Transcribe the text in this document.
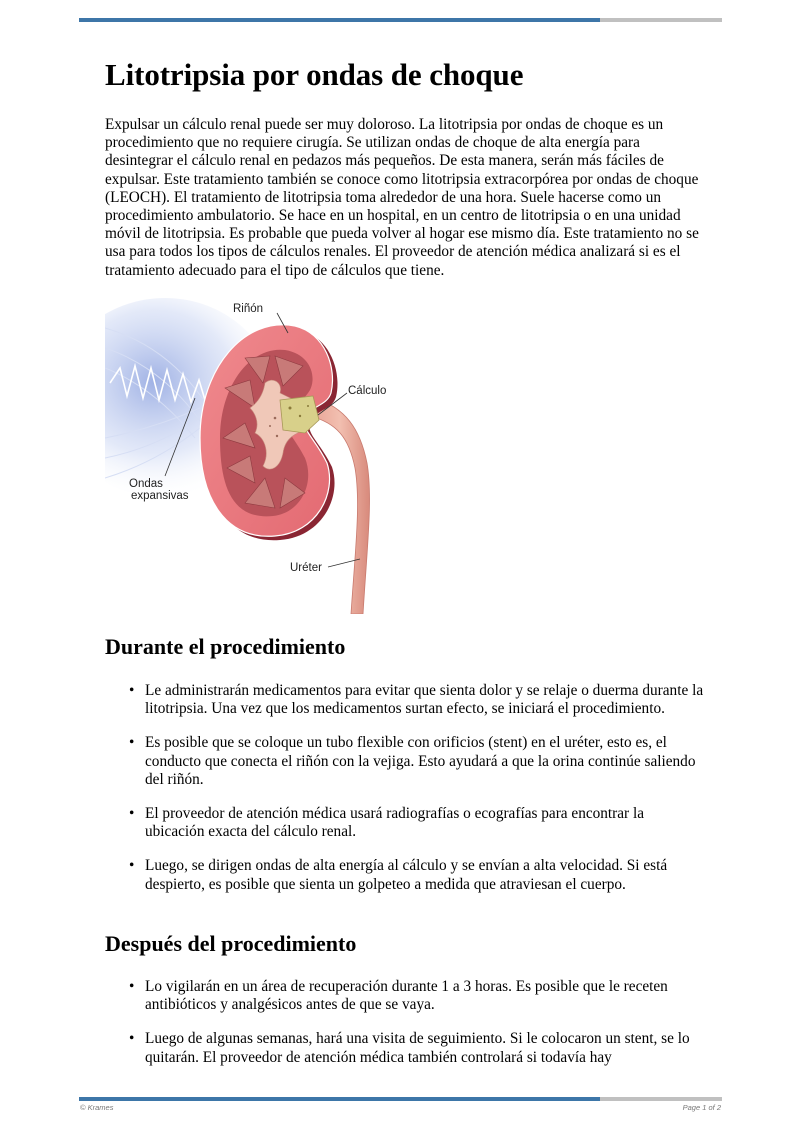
Litotripsia por ondas de choque

Expulsar un cálculo renal puede ser muy doloroso. La litotripsia por ondas de choque es un procedimiento que no requiere cirugía. Se utilizan ondas de choque de alta energía para desintegrar el cálculo renal en pedazos más pequeños. De esta manera, serán más fáciles de expulsar. Este tratamiento también se conoce como litotripsia extracorpórea por ondas de choque (LEOCH). El tratamiento de litotripsia toma alrededor de una hora. Suele hacerse como un procedimiento ambulatorio. Se hace en un hospital, en un centro de litotripsia o en una unidad móvil de litotripsia. Es probable que pueda volver al hogar ese mismo día. Este tratamiento no se usa para todos los tipos de cálculos renales. El proveedor de atención médica analizará si es el tratamiento adecuado para el tipo de cálculos que tiene.

Riñón
Cálculo
Ondas
expansivas
Uréter
Durante el procedimiento
• Le administrarán medicamentos para evitar que sienta dolor y se relaje o duerma durante la litotripsia. Una vez que los medicamentos surtan efecto, se iniciará el procedimiento.
• Es posible que se coloque un tubo flexible con orificios (stent) en el uréter, esto es, el conducto que conecta el riñón con la vejiga. Esto ayudará a que la orina continúe saliendo del riñón.
• El proveedor de atención médica usará radiografías o ecografías para encontrar la ubicación exacta del cálculo renal.
• Luego, se dirigen ondas de alta energía al cálculo y se envían a alta velocidad. Si está despierto, es posible que sienta un golpeteo a medida que atraviesan el cuerpo.
Después del procedimiento
• Lo vigilarán en un área de recuperación durante 1 a 3 horas. Es posible que le receten antibióticos y analgésicos antes de que se vaya.
• Luego de algunas semanas, hará una visita de seguimiento. Si le colocaron un stent, se lo quitarán. El proveedor de atención médica también controlará si todavía hay
© Krames	Page 1 of 2
